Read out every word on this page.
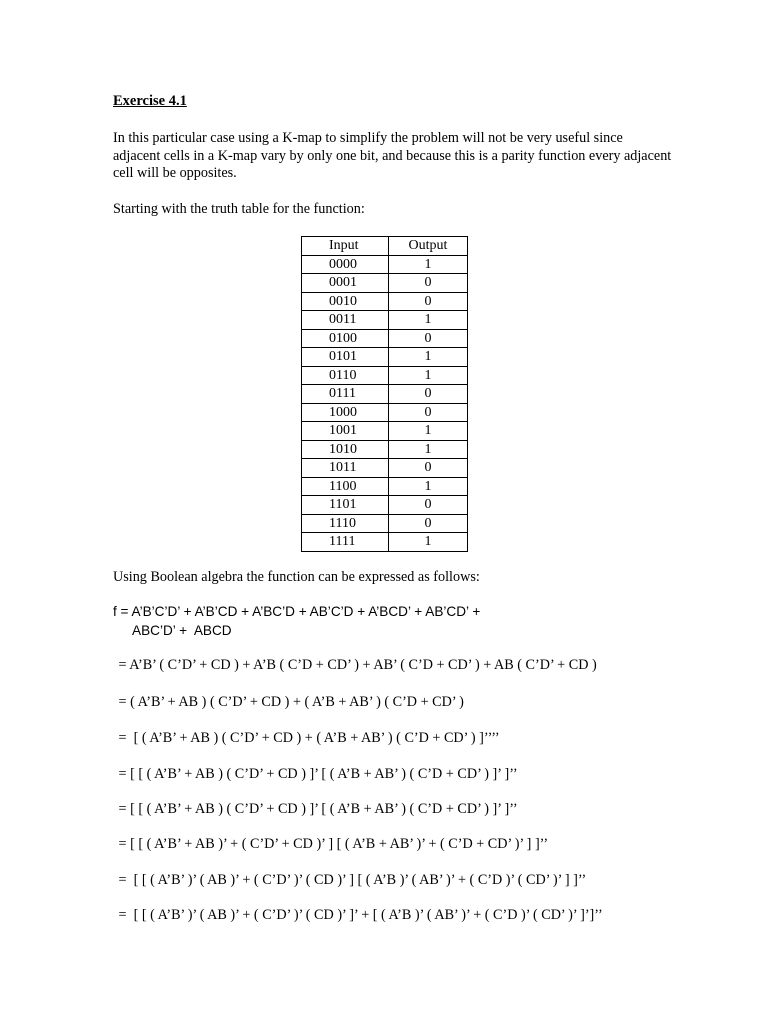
Exercise 4.1
In this particular case using a K-map to simplify the problem will not be very useful since adjacent cells in a K-map vary by only one bit, and because this is a parity function every adjacent cell will be opposites.
Starting with the truth table for the function:
Input	Output
0000	1
0001	0
0010	0
0011	1
0100	0
0101	1
0110	1
0111	0
1000	0
1001	1
1010	1
1011	0
1100	1
1101	0
1110	0
1111	1
Using Boolean algebra the function can be expressed as follows:
f = A’B’C’D’ + A’B’CD + A’BC’D + AB’C’D + A’BCD’ + AB’CD’ +
ABC’D’ +  ABCD
= A’B’ ( C’D’ + CD ) + A’B ( C’D + CD’ ) + AB’ ( C’D + CD’ ) + AB ( C’D’ + CD )
= ( A’B’ + AB ) ( C’D’ + CD ) + ( A’B + AB’ ) ( C’D + CD’ )
=  [ ( A’B’ + AB ) ( C’D’ + CD ) + ( A’B + AB’ ) ( C’D + CD’ ) ]’’’’
= [ [ ( A’B’ + AB ) ( C’D’ + CD ) ]’ [ ( A’B + AB’ ) ( C’D + CD’ ) ]’ ]’’
= [ [ ( A’B’ + AB ) ( C’D’ + CD ) ]’ [ ( A’B + AB’ ) ( C’D + CD’ ) ]’ ]’’
= [ [ ( A’B’ + AB )’ + ( C’D’ + CD )’ ] [ ( A’B + AB’ )’ + ( C’D + CD’ )’ ] ]’’
=  [ [ ( A’B’ )’ ( AB )’ + ( C’D’ )’ ( CD )’ ] [ ( A’B )’ ( AB’ )’ + ( C’D )’ ( CD’ )’ ] ]’’
=  [ [ ( A’B’ )’ ( AB )’ + ( C’D’ )’ ( CD )’ ]’ + [ ( A’B )’ ( AB’ )’ + ( C’D )’ ( CD’ )’ ]’]’’
